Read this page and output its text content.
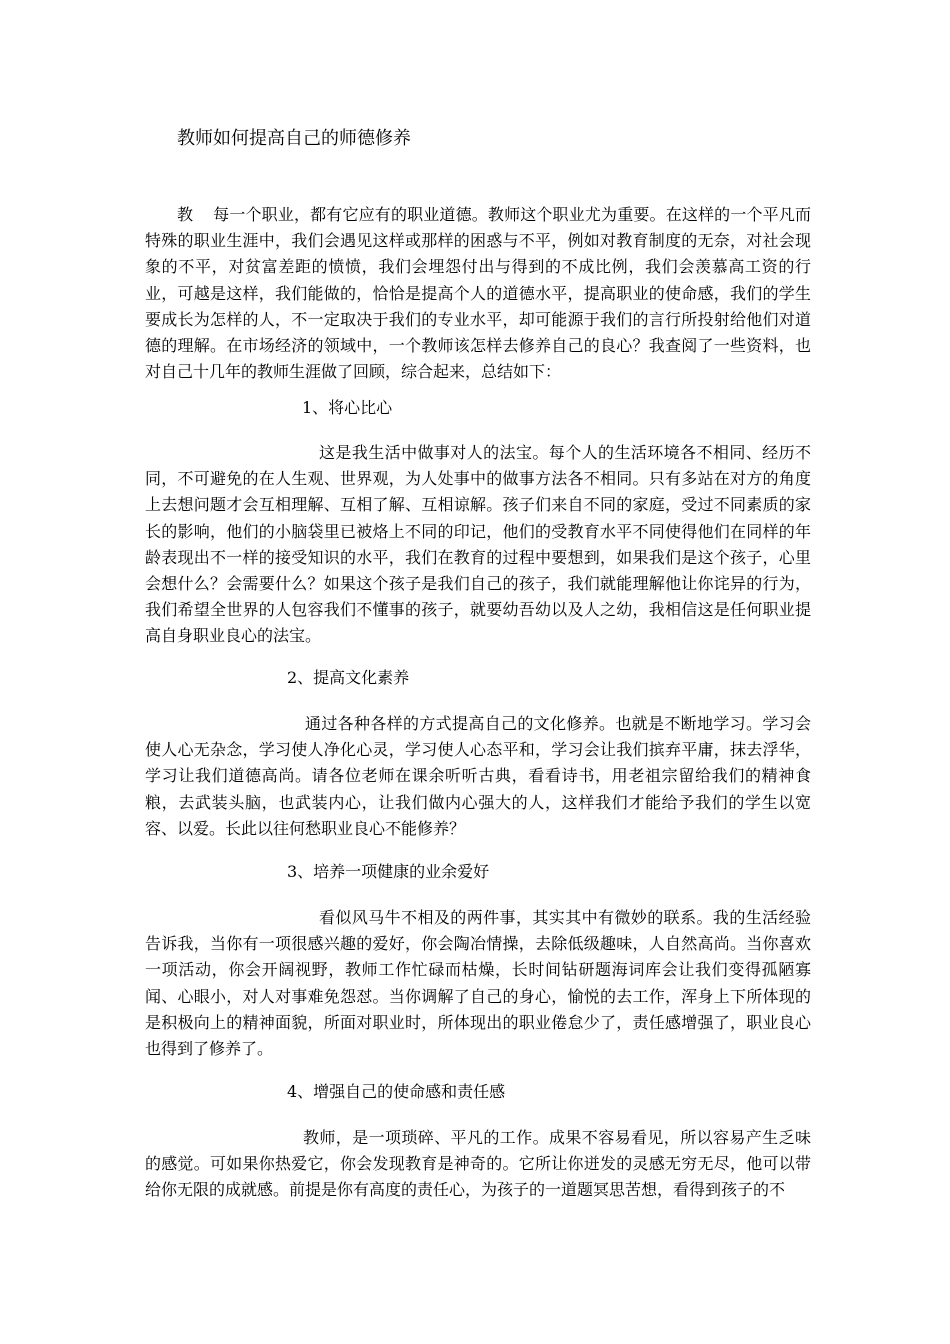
教师如何提高自己的师德修养

教 每一个职业，都有它应有的职业道德。教师这个职业尤为重要。在这样的一个平凡而特殊的职业生涯中，我们会遇见这样或那样的困惑与不平，例如对教育制度的无奈，对社会现象的不平，对贫富差距的愤愤，我们会埋怨付出与得到的不成比例，我们会羡慕高工资的行业，可越是这样，我们能做的，恰恰是提高个人的道德水平，提高职业的使命感，我们的学生要成长为怎样的人，不一定取决于我们的专业水平，却可能源于我们的言行所投射给他们对道德的理解。在市场经济的领域中，一个教师该怎样去修养自己的良心？我查阅了一些资料，也对自己十几年的教师生涯做了回顾，综合起来，总结如下：

1、将心比心

这是我生活中做事对人的法宝。每个人的生活环境各不相同、经历不同，不可避免的在人生观、世界观，为人处事中的做事方法各不相同。只有多站在对方的角度上去想问题才会互相理解、互相了解、互相谅解。孩子们来自不同的家庭，受过不同素质的家长的影响，他们的小脑袋里已被烙上不同的印记，他们的受教育水平不同使得他们在同样的年龄表现出不一样的接受知识的水平，我们在教育的过程中要想到，如果我们是这个孩子，心里会想什么？会需要什么？如果这个孩子是我们自己的孩子，我们就能理解他让你诧异的行为，我们希望全世界的人包容我们不懂事的孩子，就要幼吾幼以及人之幼，我相信这是任何职业提高自身职业良心的法宝。

2、提高文化素养

通过各种各样的方式提高自己的文化修养。也就是不断地学习。学习会使人心无杂念，学习使人净化心灵，学习使人心态平和，学习会让我们摈弃平庸，抹去浮华，学习让我们道德高尚。请各位老师在课余听听古典，看看诗书，用老祖宗留给我们的精神食粮，去武装头脑，也武装内心，让我们做内心强大的人，这样我们才能给予我们的学生以宽容、以爱。长此以往何愁职业良心不能修养？

3、培养一项健康的业余爱好

看似风马牛不相及的两件事，其实其中有微妙的联系。我的生活经验告诉我，当你有一项很感兴趣的爱好，你会陶冶情操，去除低级趣味，人自然高尚。当你喜欢一项活动，你会开阔视野，教师工作忙碌而枯燥，长时间钻研题海词库会让我们变得孤陋寡闻、心眼小，对人对事难免怨怼。当你调解了自己的身心，愉悦的去工作，浑身上下所体现的是积极向上的精神面貌，所面对职业时，所体现出的职业倦怠少了，责任感增强了，职业良心也得到了修养了。

4、增强自己的使命感和责任感

教师，是一项琐碎、平凡的工作。成果不容易看见，所以容易产生乏味的感觉。可如果你热爱它，你会发现教育是神奇的。它所让你迸发的灵感无穷无尽，他可以带给你无限的成就感。前提是你有高度的责任心，为孩子的一道题冥思苦想，看得到孩子的不
